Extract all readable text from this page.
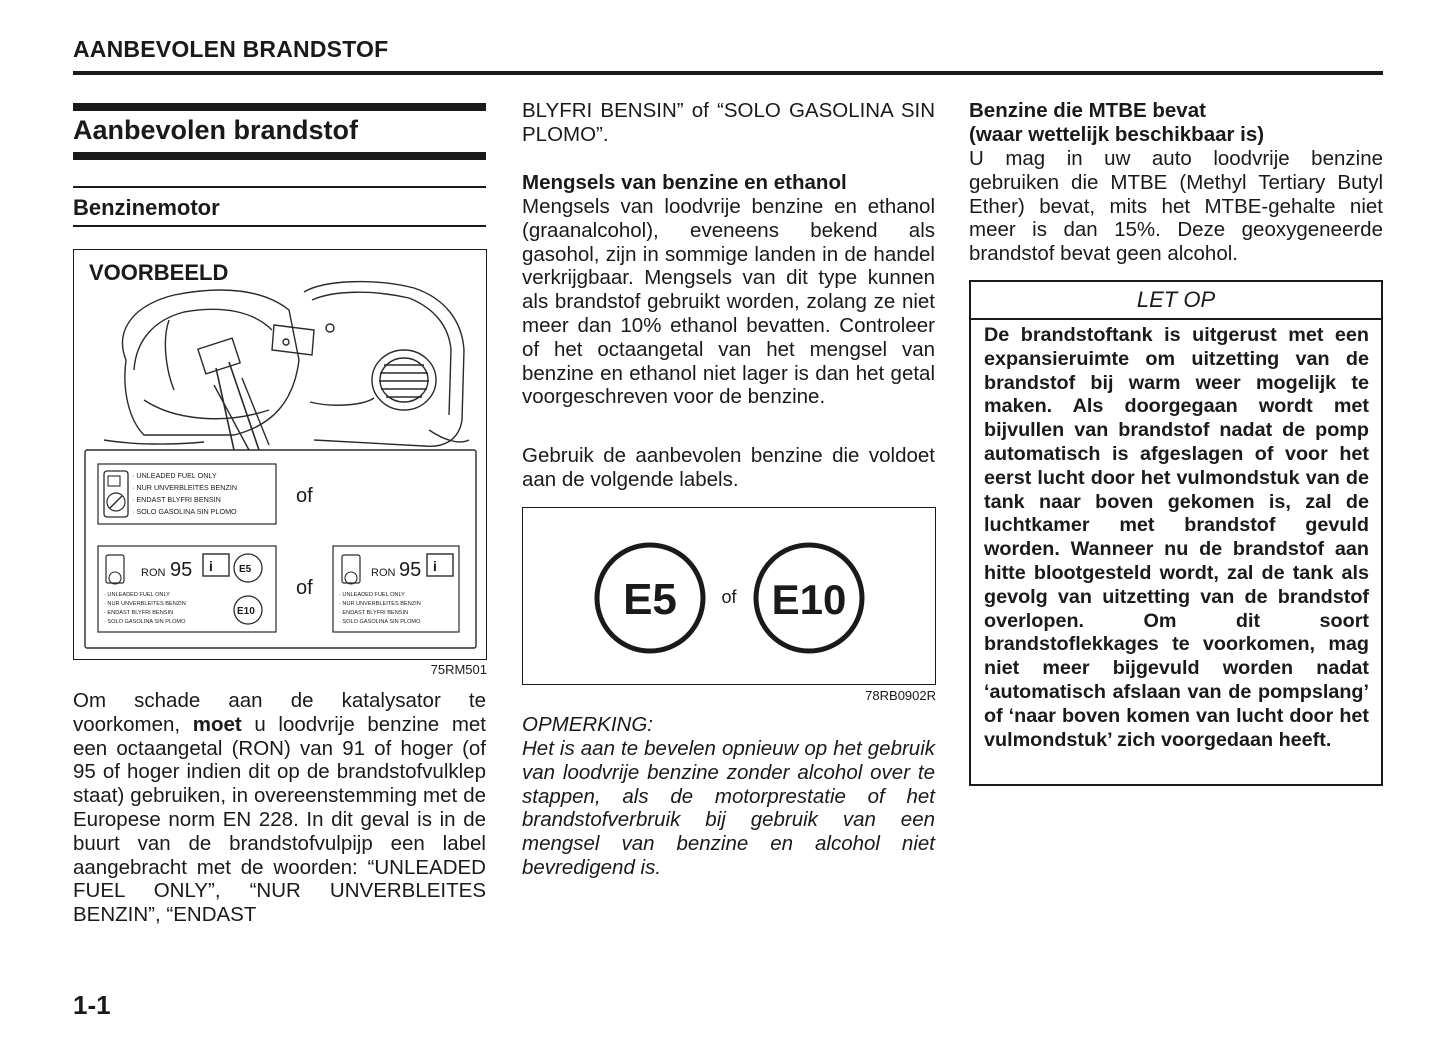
AANBEVOLEN BRANDSTOF
Aanbevolen brandstof
Benzinemotor
VOORBEELD
· UNLEADED FUEL ONLY
· NUR UNVERBLEITES BENZIN
· ENDAST BLYFRI BENSIN
· SOLO GASOLINA SIN PLOMO
of
of
RON 95	E5
E10
· UNLEADED FUEL ONLY
· NUR UNVERBLEITES BENZIN
· ENDAST BLYFRI BENSIN
· SOLO GASOLINA SIN PLOMO
RON 95
· UNLEADED FUEL ONLY
· NUR UNVERBLEITES BENZIN
· ENDAST BLYFRI BENSIN
· SOLO GASOLINA SIN PLOMO
i	i
75RM501
Om schade aan de katalysator te voorkomen, moet u loodvrije benzine met een octaangetal (RON) van 91 of hoger (of 95 of hoger indien dit op de brandstofvulklep staat) gebruiken, in overeenstemming met de Europese norm EN 228. In dit geval is in de buurt van de brandstofvulpijp een label aangebracht met de woorden: “UNLEADED FUEL ONLY”, “NUR UNVERBLEITES BENZIN”, “ENDAST
BLYFRI BENSIN” of “SOLO GASOLINA SIN PLOMO”.
Mengsels van benzine en ethanol
Mengsels van loodvrije benzine en ethanol (graanalcohol), eveneens bekend als gasohol, zijn in sommige landen in de handel verkrijgbaar. Mengsels van dit type kunnen als brandstof gebruikt worden, zolang ze niet meer dan 10% ethanol bevatten. Controleer of het octaangetal van het mengsel van benzine en ethanol niet lager is dan het getal voorgeschreven voor de benzine.
Gebruik de aanbevolen benzine die voldoet aan de volgende labels.
E5 of E10
78RB0902R
OPMERKING:
Het is aan te bevelen opnieuw op het gebruik van loodvrije benzine zonder alcohol over te stappen, als de motorprestatie of het brandstofverbruik bij gebruik van een mengsel van benzine en alcohol niet bevredigend is.
Benzine die MTBE bevat
(waar wettelijk beschikbaar is)
U mag in uw auto loodvrije benzine gebruiken die MTBE (Methyl Tertiary Butyl Ether) bevat, mits het MTBE-gehalte niet meer is dan 15%. Deze geoxygeneerde brandstof bevat geen alcohol.
LET OP
De brandstoftank is uitgerust met een expansieruimte om uitzetting van de brandstof bij warm weer mogelijk te maken. Als doorgegaan wordt met bijvullen van brandstof nadat de pomp automatisch is afgeslagen of voor het eerst lucht door het vulmondstuk van de tank naar boven gekomen is, zal de luchtkamer met brandstof gevuld worden. Wanneer nu de brandstof aan hitte blootgesteld wordt, zal de tank als gevolg van uitzetting van de brandstof overlopen. Om dit soort brandstoflekkages te voorkomen, mag niet meer bijgevuld worden nadat ‘automatisch afslaan van de pompslang’ of ‘naar boven komen van lucht door het vulmondstuk’ zich voorgedaan heeft.
1-1
